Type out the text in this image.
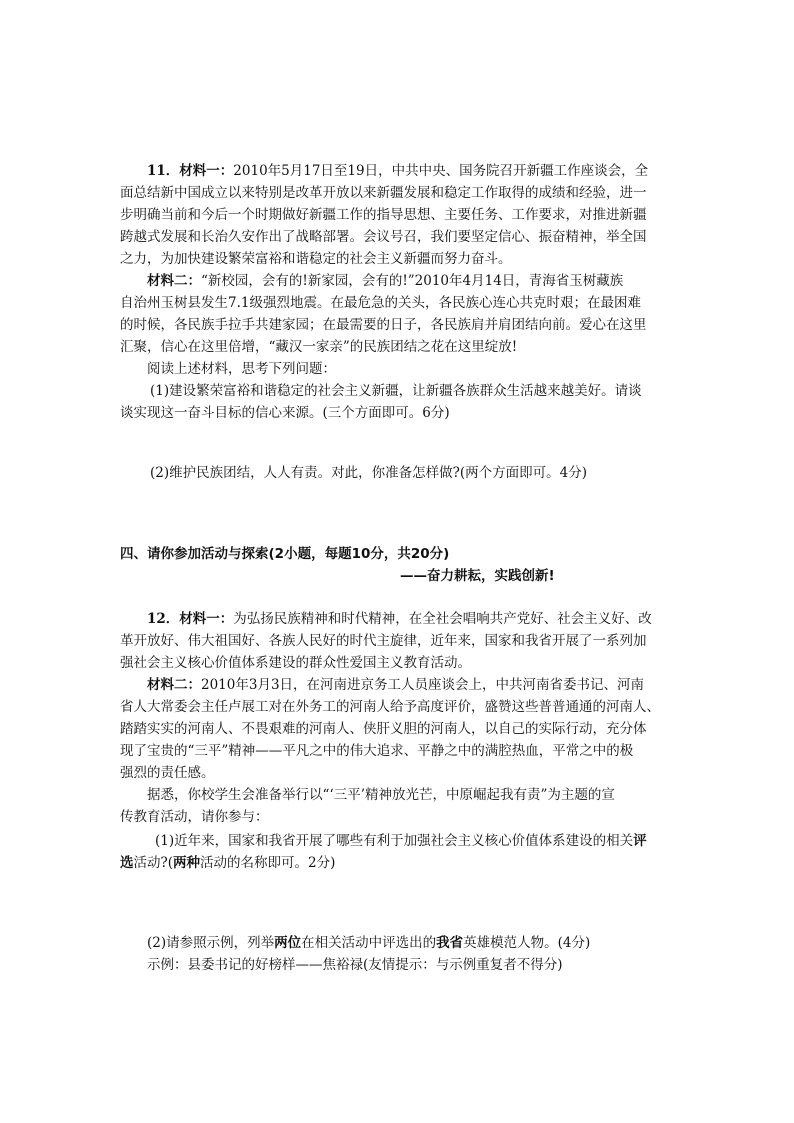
11．材料一：2010年5月17日至19日，中共中央、国务院召开新疆工作座谈会，全
面总结新中国成立以来特别是改革开放以来新疆发展和稳定工作取得的成绩和经验，进一
步明确当前和今后一个时期做好新疆工作的指导思想、主要任务、工作要求，对推进新疆
跨越式发展和长治久安作出了战略部署。会议号召，我们要坚定信心、振奋精神，举全国
之力，为加快建设繁荣富裕和谐稳定的社会主义新疆而努力奋斗。
材料二：“新校园，会有的!新家园，会有的!”2010年4月14日，青海省玉树藏族
自治州玉树县发生7.1级强烈地震。在最危急的关头，各民族心连心共克时艰；在最困难
的时候，各民族手拉手共建家园；在最需要的日子，各民族肩并肩团结向前。爱心在这里
汇聚，信心在这里倍增，“藏汉一家亲”的民族团结之花在这里绽放!
阅读上述材料，思考下列问题：
(1)建设繁荣富裕和谐稳定的社会主义新疆，让新疆各族群众生活越来越美好。请谈
谈实现这一奋斗目标的信心来源。(三个方面即可。6分)
(2)维护民族团结，人人有责。对此，你准备怎样做?(两个方面即可。4分)
四、请你参加活动与探索(2小题，每题10分，共20分)
——奋力耕耘，实践创新!
12．材料一：为弘扬民族精神和时代精神，在全社会唱响共产党好、社会主义好、改
革开放好、伟大祖国好、各族人民好的时代主旋律，近年来，国家和我省开展了一系列加
强社会主义核心价值体系建设的群众性爱国主义教育活动。
材料二：2010年3月3日，在河南进京务工人员座谈会上，中共河南省委书记、河南
省人大常委会主任卢展工对在外务工的河南人给予高度评价，盛赞这些普普通通的河南人、
踏踏实实的河南人、不畏艰难的河南人、侠肝义胆的河南人，以自己的实际行动，充分体
现了宝贵的“三平”精神——平凡之中的伟大追求、平静之中的满腔热血，平常之中的极
强烈的责任感。
据悉，你校学生会准备举行以“‘三平’精神放光芒，中原崛起我有责”为主题的宣
传教育活动，请你参与：
(1)近年来，国家和我省开展了哪些有利于加强社会主义核心价值体系建设的相关评
选活动?(两种活动的名称即可。2分)
(2)请参照示例，列举两位在相关活动中评选出的我省英雄模范人物。(4分)
示例：县委书记的好榜样——焦裕禄(友情提示：与示例重复者不得分)
